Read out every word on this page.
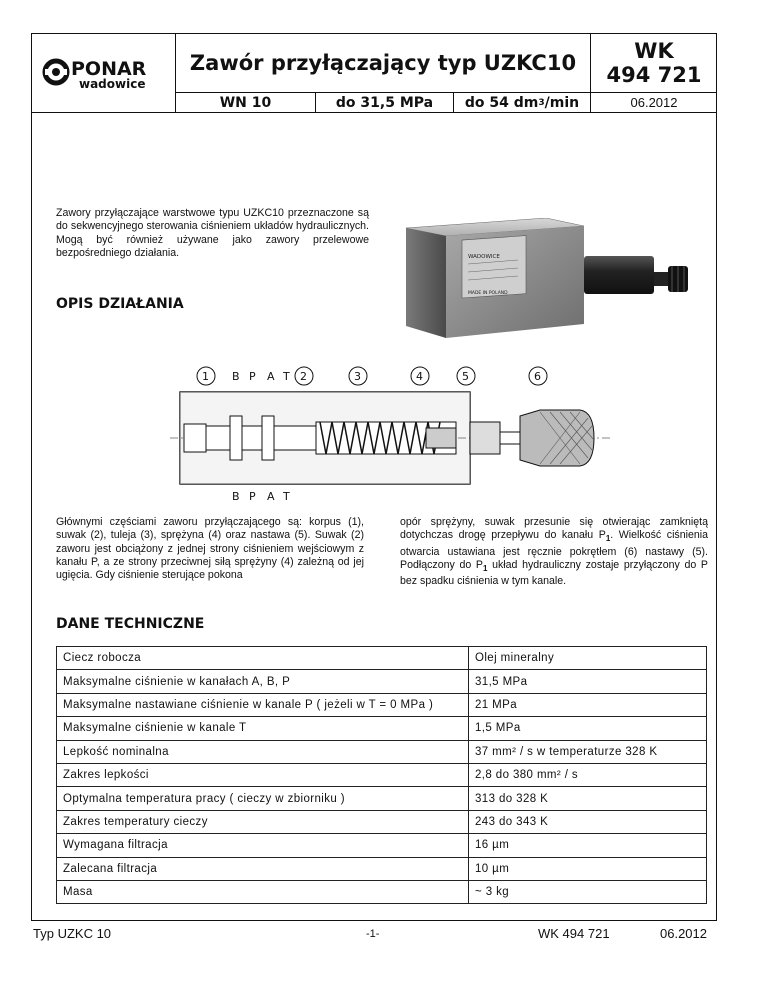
PONAR
wadowice
Zawór przyłączający typ UZKC10	WK
494 721
WN 10	do 31,5 MPa	do 54 dm 3 /min	06.2012
Zawory przyłączające warstwowe typu UZKC10 przeznaczone są do sekwencyjnego sterowania ciśnieniem układów hydraulicznych. Mogą być również używane jako zawory przelewowe bezpośredniego działania.	WADOWICE
MADE IN POLAND
OPIS DZIAŁANIA
1	2	3	4	5	6
B P A T
B P A T
Głównymi częściami zaworu przyłączającego są: korpus (1), suwak (2), tuleja (3), sprężyna (4) oraz nastawa (5). Suwak (2) zaworu jest obciążony z jednej strony ciśnieniem wejściowym z kanału P, a ze strony przeciwnej siłą sprężyny (4) zależną od jej ugięcia. Gdy ciśnienie sterujące pokona
opór sprężyny, suwak przesunie się otwierając zamkniętą dotychczas drogę przepływu do kanału $P_1$. Wielkość ciśnienia otwarcia ustawiana jest ręcznie pokrętłem (6) nastawy (5). Podłączony do $P_1$ układ hydrauliczny zostaje przyłączony do P bez spadku ciśnienia w tym kanale.
DANE TECHNICZNE
Ciecz robocza	Olej mineralny
Maksymalne ciśnienie w kanałach A, B, P	31,5 MPa
Maksymalne nastawiane ciśnienie w kanale P ( jeżeli w T = 0 MPa )	21 MPa
Maksymalne ciśnienie w kanale T	1,5 MPa
Lepkość nominalna	37 mm² / s w temperaturze 328 K
Zakres lepkości	2,8 do 380 mm² / s
Optymalna temperatura pracy ( cieczy w zbiorniku )	313 do 328 K
Zakres temperatury cieczy	243 do 343 K
Wymagana filtracja	16 µm
Zalecana filtracja	10 µm
Masa	~ 3 kg
Typ UZKC 10	-1-	WK 494 721	06.2012
